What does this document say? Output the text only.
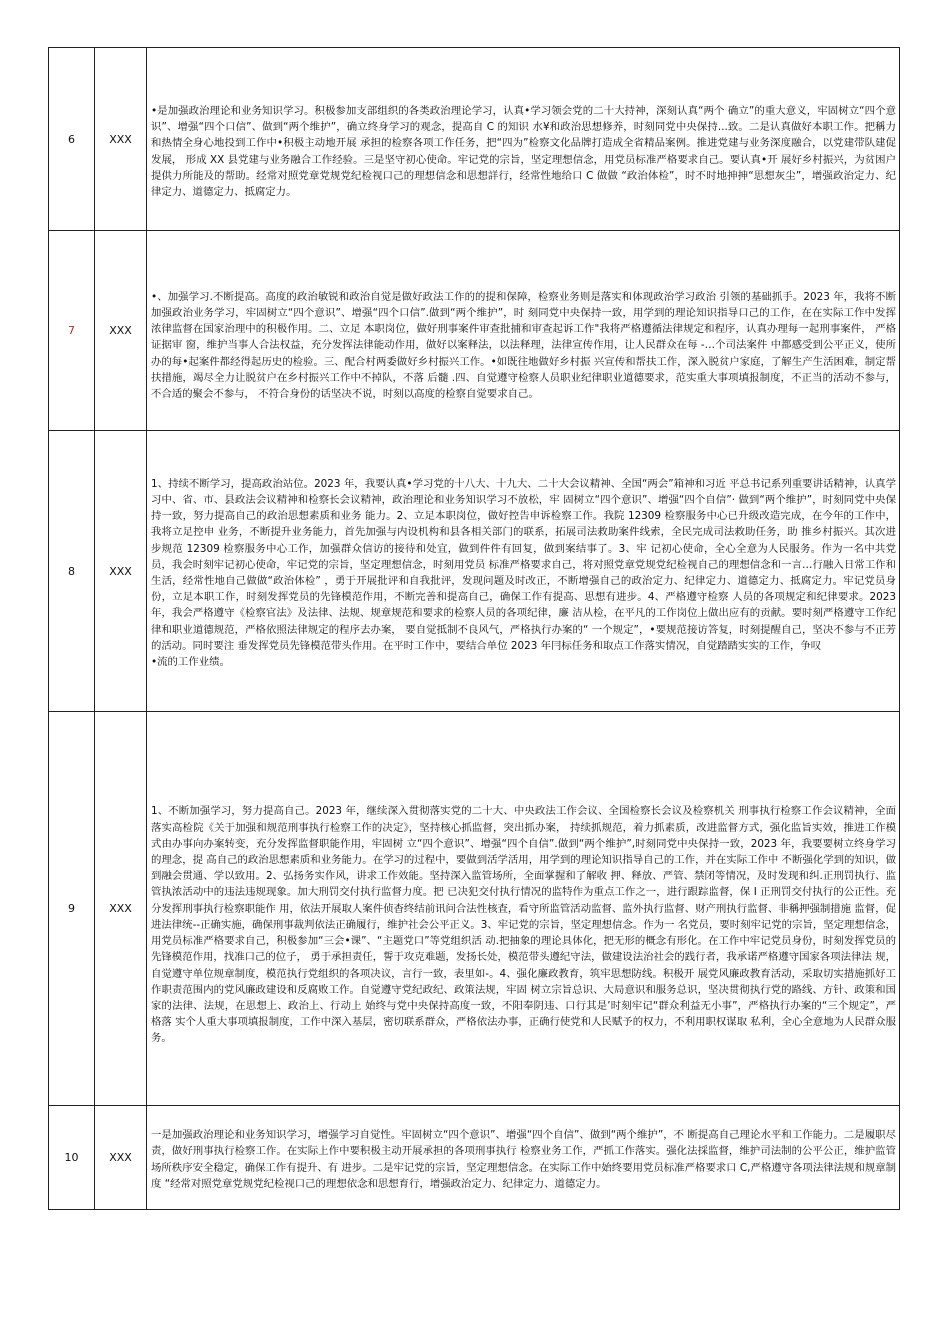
6	XXX	•是加强政治理论和业务知识学习。积极参加支部组织的各类政治理论学习，认真•学习领会党的二十大持神，深刻认真“两个 确立”的重大意义，牢固树立“四个意识”、增强“四个口信”、做到“两个维护”，确立终身学习的观念，提高自 C 的知识 水¥和政治思想修养，时刻同党中央保持...致。二是认真做好本职工作。把稱力和热情全身心地投到工作中•积极主动地开展 承担的检察各项工作任务，把“四为”检察文化品牌打造成全省精品案例。推进党建与业务深度融合，以党建带队建促发展， 形成 XX 县党建与业务融合工作经验。三是坚守初心使命。牢记党的宗旨，坚定理想信念，用党员标准严格要求自己。要认真•开 展好乡村振兴，为贫困户提供力所能及的帮助。经常对照党章党规党纪检视口己的理想信念和思想詳行，经常性地给口 C 做做 “政治体检”，时不时地抻抻“思想灰尘”，增强政治定力、纪律定力、道德定力、抵腐定力。

7	XXX	•、加强学习.不断提高。高度的政治敏锐和政治自觉是做好政法工作的的提和保障，检察业务则是落实和体现政治学习政治 引领的基础抓手。2023 年，我将不断加强政治业务学习，牢固树立“四个意识”、增强“四个口信”.做到“两个维护”，时 刻同党中央保持一致，用学到的理论知识指导口己的工作，在在实际工作中发挥浓律监督在国家治理中的积极作用。二、立足 本职岗位，做好刑事案件审查批捕和审查起诉工作"我将严格遵循法律规定和程序，认真办理每一起刑事案件， 严格证据审 窗，维护当事人合法权益，充分发挥法律能动作用，做好以案释法，以法释理，法律宣传作用，让人民群众在每 -…个司法案件 中都感受到公平正义，使所办的每•起案件都经得起历史的检验。三、配合村两委做好乡村振兴工作。•如既往地做好乡村振 兴宣传和帮扶工作，深入脱贫户家庭，了解生产生活困难，制定帮扶措施，竭尽全力让脱贫户在乡村振兴工作中不掉队，不落 后髓 .四、自觉遵守检察人员职业纪律职业道德要求，范实重大事项填报制度，不正当的活动不参与，不合适的聚会不参与， 不符合身份的话坚决不说，时刻以高度的检察自觉要求自己。

8	XXX	1、持续不断学习，提高政治站位。2023 年，我要认真•学习党的十八大、十九大、二十大会议精神、全国“两会”箱神和习近 平总书记系列重要讲话精神，认真学习中、省、市、县政法会议精神和检察长会议精神，政治理论和业务知识学习不放松，牢 固树立“四个意识”、增强“四个自信”· 做到“两个维护”，时刻同党中央保持一致，努力提高自己的政治思想素质和业务 能力。2、立足本职岗位，做好控告申诉检察工作。我院 12309 检察服务中心已升级改造完成，在今年的工作中，我将立足控申 业务，不断提升业务能力，首先加强与内设机构和县各相关部门的联系，拓展司法救助案件线索，全民完成司法救助任务，助 推乡村振兴。其次进 步规范 12309 检察服务中心工作，加强群众信访的接待和处宜，做到件件有回复，做到案结事了。3、牢 记初心使命，全心全意为人民服务。作为一名中共党员，我会时刻牢记初心使命，牢记党的宗旨，坚定理想信念，时刻用党员 标准严格要求自己，将对照党章党规党纪检视自己的理想信念和一言…行融入日常工作和生活，经常性地自己做做“政治体检” ，勇于开展批评和自我批评，发现问题及时改正，不断增强自己的政治定力、纪律定力、道德定力、抵腐定力。牢记党员身 份，立足本职工作，时刻发挥党员的先锋模范作用，不断完善和提高自己，确保工作有提高、思想有进步。4、严格遵守检察 人员的各项规定和纪律要求。2023 年，我会严格遵守《检察官法》及法律、法规、规章规范和要求的检察人员的各项纪律，廉 洁从检，在平凡的工作岗位上做出应有的贡献。要时刻严格遵守工作纪律和职业道德规范，严格依照法律规定的程序去办案， 要自觉抵制不良风气，严格执行办案的“ 一个规定”，•要规范接访答复，时刻提醒自己，坚决不参与不正芳的活动。同时要注 垂发挥党员先锋模范带头作用。在平时工作中，要结合单位 2023 年冃标任务和取点工作落实情况，自觉踏踏实实的工作，争叹
•流的工作业绩。

9	XXX	1、不断加强学习，努力提高自己。2023 年，继续深入贯彻落实党的二十大、中央政法工作会议、全国检察长会议及检察机关 刑事执行检察工作会议精神，全面落实高检院《关于加强和规范刑事执行检察工作的决定》，坚持核心抓监督，突出抓办案， 持续抓规范，着力抓素质，改进监督方式，强化监旨实效，推进工作模式由办事向办案转变，充分发挥监督职能作用，牢固树 立“四个意识”、增强“四个自信”.做到“两个维护”,时刻同党中央保持一致，2023 年，我要要树立终身学习的理念，提 高自己的政治思想素质和业务能力。在学习的过程中，要做到活学活用，用学到的理论知识指导自己的工作，并在实际工作中 不断强化学到的知识，做到融会贯通、学以致用。2、弘扬务实作风，讲求工作效能。坚持深入监管场所，全面掌握和了解收 押、释放、严管、禁闭等情况，及时发现和纠.正刑罚执行、监管执浓活动中的违法违规现象。加大刑罚交付执行监督力度。把 已决犯交付执行情况的监特作为重点工作之一，进行跟踪监督，保 I 正刑罚交付执行的公正性。充分发挥刑事执行检察职能作 用，依法开展取人案件侦杳终结前讯问合法性核査，看守所监管活动监督、监外执行监督、财产刑执行监督、非稱押强制措施 监督，促进法律统--正确实施，确保刑事裁判依法正确履行，维护社会公平正义。3、牢记党的宗旨，坚定理想信念。作为一 名党员，要时刻牢记党的宗旨，坚定理想信念，用党员标准严格要求自己，积极参加“三会•课”、“主题党口”等党组织活 动.把抽象的理论具体化，把无形的概念有形化。在工作中牢记党员身份，时刻发挥党员的先锋模范作用，找准口己的位子， 勇于承担责任，誓于攻克难题，发扬长处，模范带头遵纪守法，做建设法治社会的践行者，我承诺严格遵守国家各项法律法 规，自觉遵守单位规章制度，模范执行党组织的各项决议，言行一致，表里如-。4、强化廉政教育，筑牢思想防线。积极开 展党风廉政教育活动，采取切实措施抓好工作职责范围内的党风廉政建设和反腐败工作。自觉遵守党纪政纪、政策法规，牢固 树立宗旨总识、大局意识和服务总识，坚决贯彻执行党的路线、方针、政策和国家的法律、法规，在思想上、政治上、行动上 始终与党中央保持高度一致，不阳奉阴违、口行其是’时刻牢记“群众利益无小事”，严格执行办案的“三个规定”，严格落 实个人重大事项填报制度，工作中深入基层，密切联系群众，严格依法办事，正确行使党和人民赋予的权力，不利用职权谋取 私利，全心全意地为人民群众服务。

10	XXX	一是加强政治理论和业务知识学习，增强学习自觉性。牢固树立“四个意识”、增强“四个自信”、做到“两个维护”，不 断提高自己理论水平和工作能力。二是履职尽责，做好刑事执行检察工作。在实际上作中要积极主动开展承担的各项刑事执行 检察业务工作，严抓工作落实。强化法採监督，维护司法制的公平公正，维护监管场所秩序安全稳定，确保工作有提升、有 进步。二是牢记党的宗旨，坚定理想信念。在实际工作中始终要用党员标准严格要求口 C,严格遵守各项法律法规和规章制度 “经常对照党章党规党纪检视口己的理想依念和思想育行，增强政治定力、纪律定力、道德定力。
